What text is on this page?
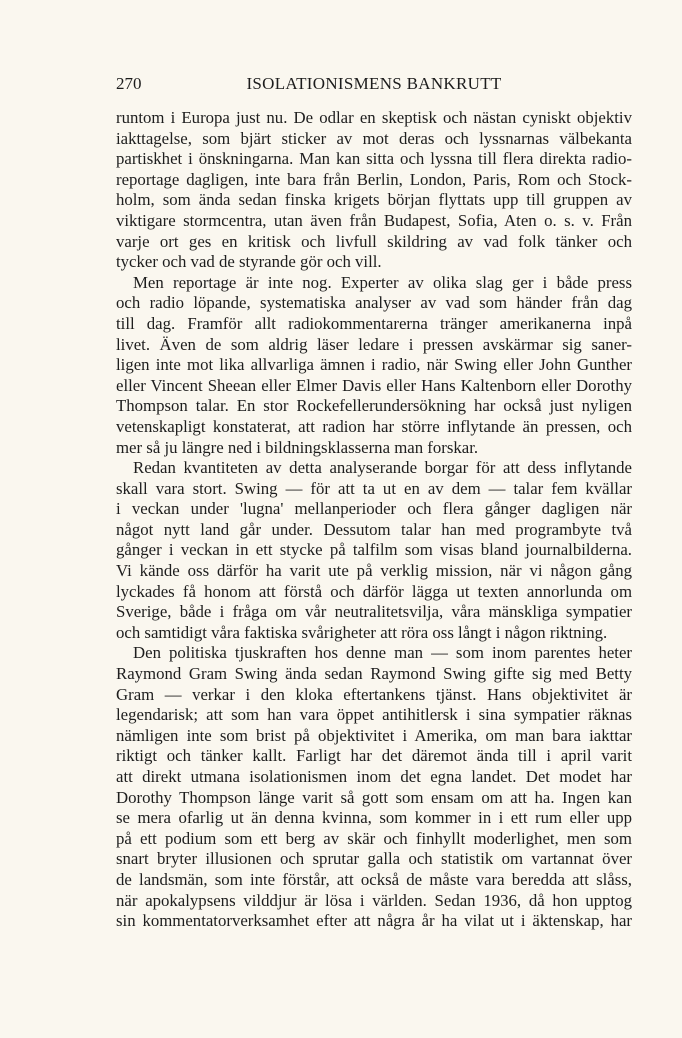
270	ISOLATIONISMENS BANKRUTT
runtom i Europa just nu. De odlar en skeptisk och nästan cyniskt objektiv
iakttagelse, som bjärt sticker av mot deras och lyssnarnas välbekanta
partiskhet i önskningarna. Man kan sitta och lyssna till flera direkta radio-
reportage dagligen, inte bara från Berlin, London, Paris, Rom och Stock-
holm, som ända sedan finska krigets början flyttats upp till gruppen av
viktigare stormcentra, utan även från Budapest, Sofia, Aten o. s. v. Från
varje ort ges en kritisk och livfull skildring av vad folk tänker och
tycker och vad de styrande gör och vill.
Men reportage är inte nog. Experter av olika slag ger i både press
och radio löpande, systematiska analyser av vad som händer från dag
till dag. Framför allt radiokommentarerna tränger amerikanerna inpå
livet. Även de som aldrig läser ledare i pressen avskärmar sig saner-
ligen inte mot lika allvarliga ämnen i radio, när Swing eller John Gunther
eller Vincent Sheean eller Elmer Davis eller Hans Kaltenborn eller Dorothy
Thompson talar. En stor Rockefellerundersökning har också just nyligen
vetenskapligt konstaterat, att radion har större inflytande än pressen, och
mer så ju längre ned i bildningsklasserna man forskar.
Redan kvantiteten av detta analyserande borgar för att dess inflytande
skall vara stort. Swing — för att ta ut en av dem — talar fem kvällar
i veckan under 'lugna' mellanperioder och flera gånger dagligen när
något nytt land går under. Dessutom talar han med programbyte två
gånger i veckan in ett stycke på talfilm som visas bland journalbilderna.
Vi kände oss därför ha varit ute på verklig mission, när vi någon gång
lyckades få honom att förstå och därför lägga ut texten annorlunda om
Sverige, både i fråga om vår neutralitetsvilja, våra mänskliga sympatier
och samtidigt våra faktiska svårigheter att röra oss långt i någon riktning.
Den politiska tjuskraften hos denne man — som inom parentes heter
Raymond Gram Swing ända sedan Raymond Swing gifte sig med Betty
Gram — verkar i den kloka eftertankens tjänst. Hans objektivitet är
legendarisk; att som han vara öppet antihitlersk i sina sympatier räknas
nämligen inte som brist på objektivitet i Amerika, om man bara iakttar
riktigt och tänker kallt. Farligt har det däremot ända till i april varit
att direkt utmana isolationismen inom det egna landet. Det modet har
Dorothy Thompson länge varit så gott som ensam om att ha. Ingen kan
se mera ofarlig ut än denna kvinna, som kommer in i ett rum eller upp
på ett podium som ett berg av skär och finhyllt moderlighet, men som
snart bryter illusionen och sprutar galla och statistik om vartannat över
de landsmän, som inte förstår, att också de måste vara beredda att slåss,
när apokalypsens vilddjur är lösa i världen. Sedan 1936, då hon upptog
sin kommentatorverksamhet efter att några år ha vilat ut i äktenskap, har
